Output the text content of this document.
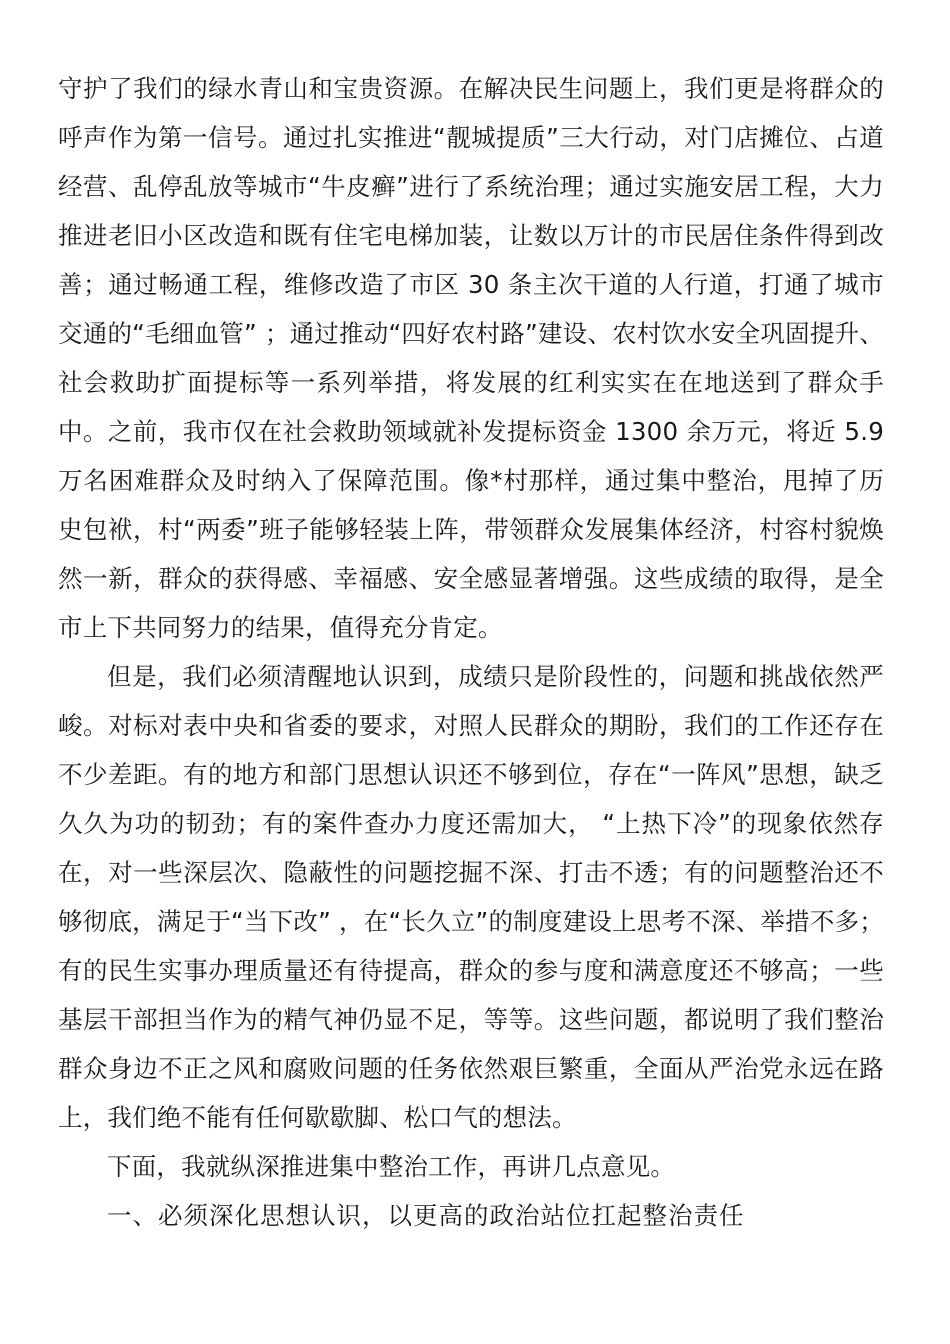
守护了我们的绿水青山和宝贵资源。在解决民生问题上，我们更是将群众的呼声作为第一信号。通过扎实推进“靓城提质”三大行动，对门店摊位、占道经营、乱停乱放等城市“牛皮癣”进行了系统治理；通过实施安居工程，大力推进老旧小区改造和既有住宅电梯加装，让数以万计的市民居住条件得到改善；通过畅通工程，维修改造了市区 30 条主次干道的人行道，打通了城市交通的“毛细血管” ；通过推动“四好农村路”建设、农村饮水安全巩固提升、社会救助扩面提标等一系列举措，将发展的红利实实在在地送到了群众手中。之前，我市仅在社会救助领域就补发提标资金 1300 余万元，将近 5.9 万名困难群众及时纳入了保障范围。像*村那样，通过集中整治，甩掉了历史包袱，村“两委”班子能够轻装上阵，带领群众发展集体经济，村容村貌焕然一新，群众的获得感、幸福感、安全感显著增强。这些成绩的取得，是全市上下共同努力的结果，值得充分肯定。

但是，我们必须清醒地认识到，成绩只是阶段性的，问题和挑战依然严峻。对标对表中央和省委的要求，对照人民群众的期盼，我们的工作还存在不少差距。有的地方和部门思想认识还不够到位，存在“一阵风”思想，缺乏久久为功的韧劲；有的案件查办力度还需加大， “上热下冷”的现象依然存在，对一些深层次、隐蔽性的问题挖掘不深、打击不透；有的问题整治还不够彻底，满足于“当下改” ，在“长久立”的制度建设上思考不深、举措不多；有的民生实事办理质量还有待提高，群众的参与度和满意度还不够高；一些基层干部担当作为的精气神仍显不足，等等。这些问题，都说明了我们整治群众身边不正之风和腐败问题的任务依然艰巨繁重，全面从严治党永远在路上，我们绝不能有任何歇歇脚、松口气的想法。

下面，我就纵深推进集中整治工作，再讲几点意见。

一、必须深化思想认识，以更高的政治站位扛起整治责任
